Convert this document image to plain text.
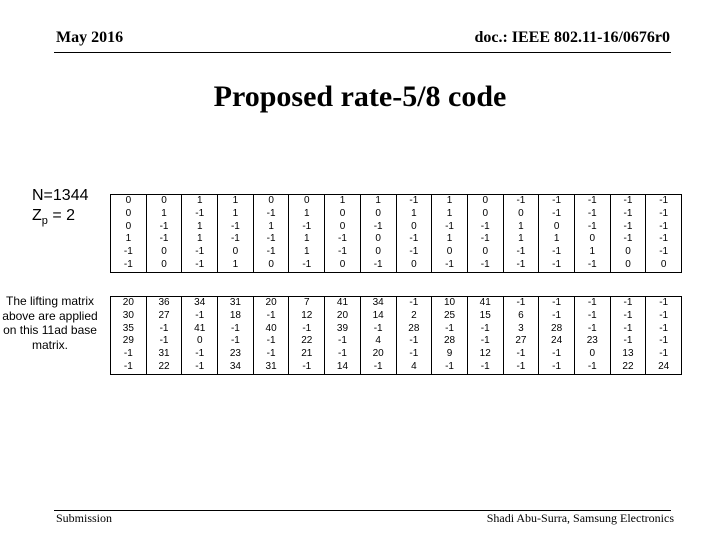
May 2016	doc.: IEEE 802.11-16/0676r0
Proposed rate-5/8 code
N=1344
$Z_p = 2$
The lifting matrix above are applied on this 11ad base matrix.
0	0	1	1	0	0	1	1	-1	1	0	-1	-1	-1	-1	-1
0	1	-1	1	-1	1	0	0	1	1	0	0	-1	-1	-1	-1
0	-1	1	-1	1	-1	0	-1	0	-1	-1	1	0	-1	-1	-1
1	-1	1	-1	-1	1	-1	0	-1	1	-1	1	1	0	-1	-1
-1	0	-1	0	-1	1	-1	0	-1	0	0	-1	-1	1	0	-1
-1	0	-1	1	0	-1	0	-1	0	-1	-1	-1	-1	-1	0	0
20	36	34	31	20	7	41	34	-1	10	41	-1	-1	-1	-1	-1
30	27	-1	18	-1	12	20	14	2	25	15	6	-1	-1	-1	-1
35	-1	41	-1	40	-1	39	-1	28	-1	-1	3	28	-1	-1	-1
29	-1	0	-1	-1	22	-1	4	-1	28	-1	27	24	23	-1	-1
-1	31	-1	23	-1	21	-1	20	-1	9	12	-1	-1	0	13	-1
-1	22	-1	34	31	-1	14	-1	4	-1	-1	-1	-1	-1	22	24
Submission	Shadi Abu-Surra, Samsung Electronics
